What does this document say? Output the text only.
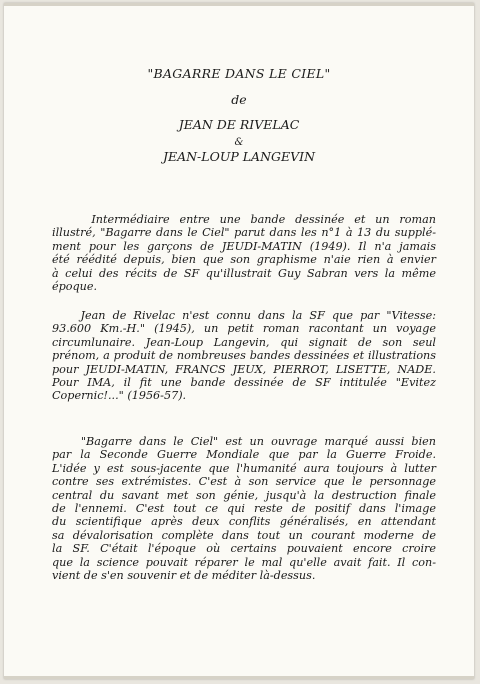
"BAGARRE DANS LE CIEL"
de
JEAN DE RIVELAC
&
JEAN-LOUP LANGEVIN
Intermédiaire entre une bande dessinée et un roman
illustré, "Bagarre dans le Ciel" parut dans les n°1 à 13 du supplé-
ment pour les garçons de JEUDI-MATIN (1949). Il n'a jamais
été réédité depuis, bien que son graphisme n'aie rien à envier
à celui des récits de SF qu'illustrait Guy Sabran vers la même
époque.
Jean de Rivelac n'est connu dans la SF que par "Vitesse:
93.600 Km.-H." (1945), un petit roman racontant un voyage
circumlunaire. Jean-Loup Langevin, qui signait de son seul
prénom, a produit de nombreuses bandes dessinées et illustrations
pour JEUDI-MATIN, FRANCS JEUX, PIERROT, LISETTE, NADE.
Pour IMA, il fit une bande dessinée de SF intitulée "Evitez
Copernic!..." (1956-57).
"Bagarre dans le Ciel" est un ouvrage marqué aussi bien
par la Seconde Guerre Mondiale que par la Guerre Froide.
L'idée y est sous-jacente que l'humanité aura toujours à lutter
contre ses extrémistes. C'est à son service que le personnage
central du savant met son génie, jusqu'à la destruction finale
de l'ennemi. C'est tout ce qui reste de positif dans l'image
du scientifique après deux conflits généralisés, en attendant
sa dévalorisation complète dans tout un courant moderne de
la SF. C'était l'époque où certains pouvaient encore croire
que la science pouvait réparer le mal qu'elle avait fait. Il con-
vient de s'en souvenir et de méditer là-dessus.
